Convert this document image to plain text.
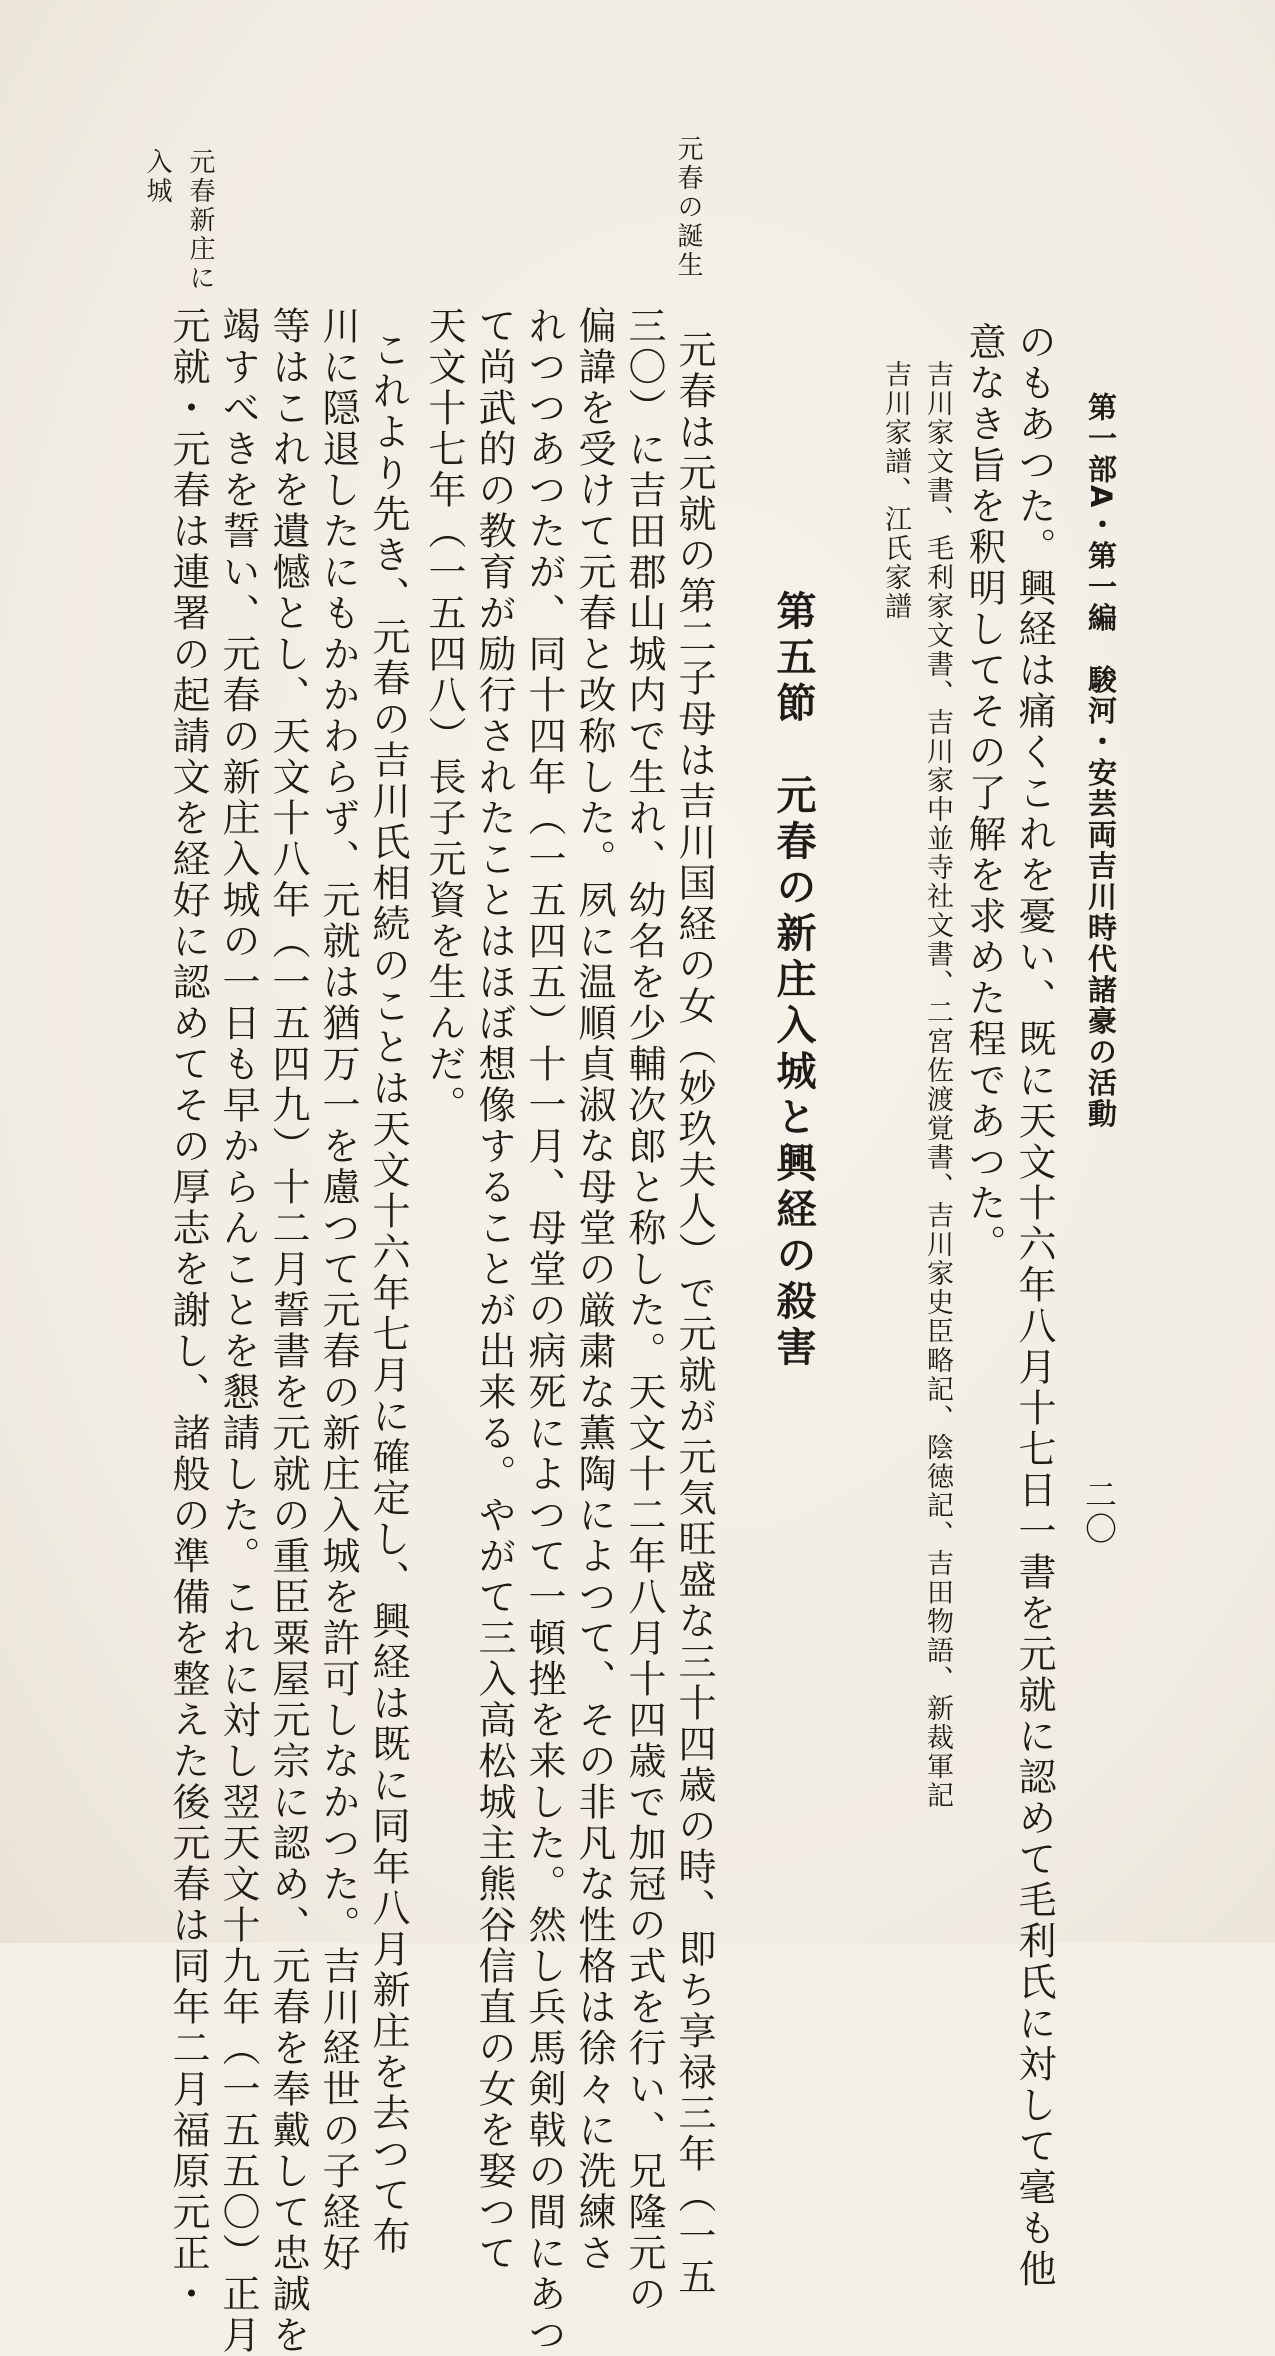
第一部A・第一編　駿河・安芸両吉川時代諸豪の活動
二〇
のもあつた。興経は痛くこれを憂い、既に天文十六年八月十七日一書を元就に認めて毛利氏に対して毫も他
意なき旨を釈明してその了解を求めた程であつた。
吉川家文書、毛利家文書、吉川家中並寺社文書、二宮佐渡覚書、吉川家史臣略記、陰徳記、吉田物語、新裁軍記
吉川家譜、江氏家譜
第五節　元春の新庄入城と興経の殺害
元春の誕生
元春新庄に
入城
元春は元就の第二子母は吉川国経の女（妙玖夫人）で元就が元気旺盛な三十四歳の時、即ち享禄三年（一五
三〇）に吉田郡山城内で生れ、幼名を少輔次郎と称した。天文十二年八月十四歳で加冠の式を行い、兄隆元の
偏諱を受けて元春と改称した。夙に温順貞淑な母堂の厳粛な薫陶によつて、その非凡な性格は徐々に洗練さ
れつつあつたが、同十四年（一五四五）十一月、母堂の病死によつて一頓挫を来した。然し兵馬剣戟の間にあつ
て尚武的の教育が励行されたことはほぼ想像することが出来る。やがて三入高松城主熊谷信直の女を娶つて
天文十七年（一五四八）長子元資を生んだ。
これより先き、元春の吉川氏相続のことは天文十六年七月に確定し、興経は既に同年八月新庄を去つて布
川に隠退したにもかかわらず、元就は猶万一を慮つて元春の新庄入城を許可しなかつた。吉川経世の子経好
等はこれを遺憾とし、天文十八年（一五四九）十二月誓書を元就の重臣粟屋元宗に認め、元春を奉戴して忠誠を
竭すべきを誓い、元春の新庄入城の一日も早からんことを懇請した。これに対し翌天文十九年（一五五〇）正月
元就・元春は連署の起請文を経好に認めてその厚志を謝し、諸般の準備を整えた後元春は同年二月福原元正・
